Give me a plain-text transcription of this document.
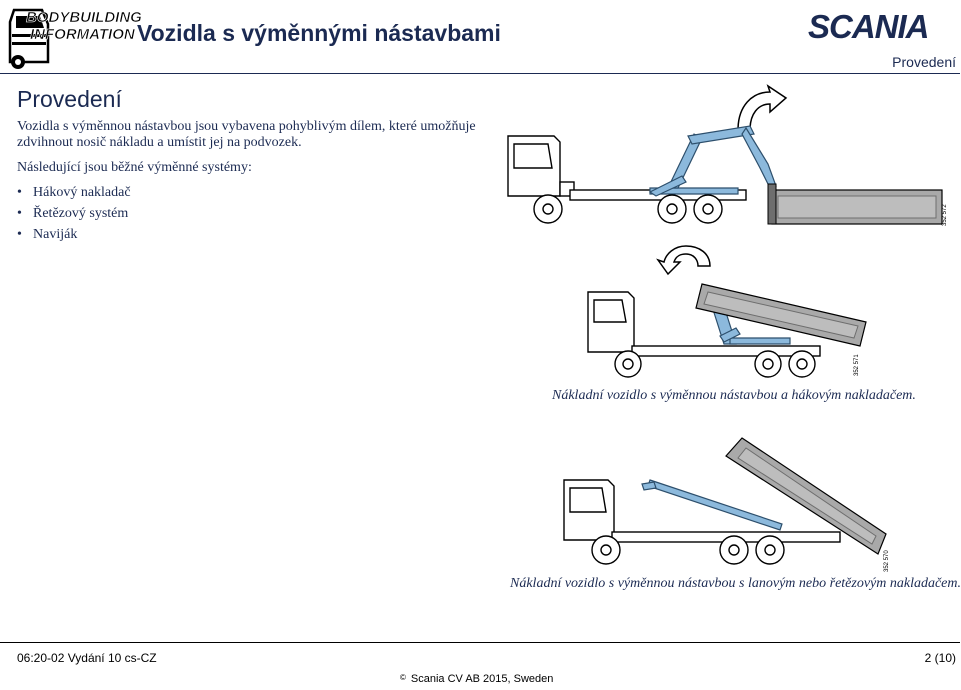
BODYBUILDING
INFORMATION Vozidla s výměnnými nástavbami	SCANIA
Provedení
Provedení
Vozidla s výměnnou nástavbou jsou vybavena pohyblivým dílem, které umožňuje zdvihnout nosič nákladu a umístit jej na podvozek.
Následující jsou běžné výměnné systémy:
• Hákový nakladač
• Řetězový systém
• Naviják
352 572
352 571
Nákladní vozidlo s výměnnou nástavbou a hákovým nakladačem.
352 570
Nákladní vozidlo s výměnnou nástavbou s lanovým nebo řetězovým nakladačem.
06:20-02 Vydání 10 cs-CZ	2 (10)
© Scania CV AB 2015, Sweden
